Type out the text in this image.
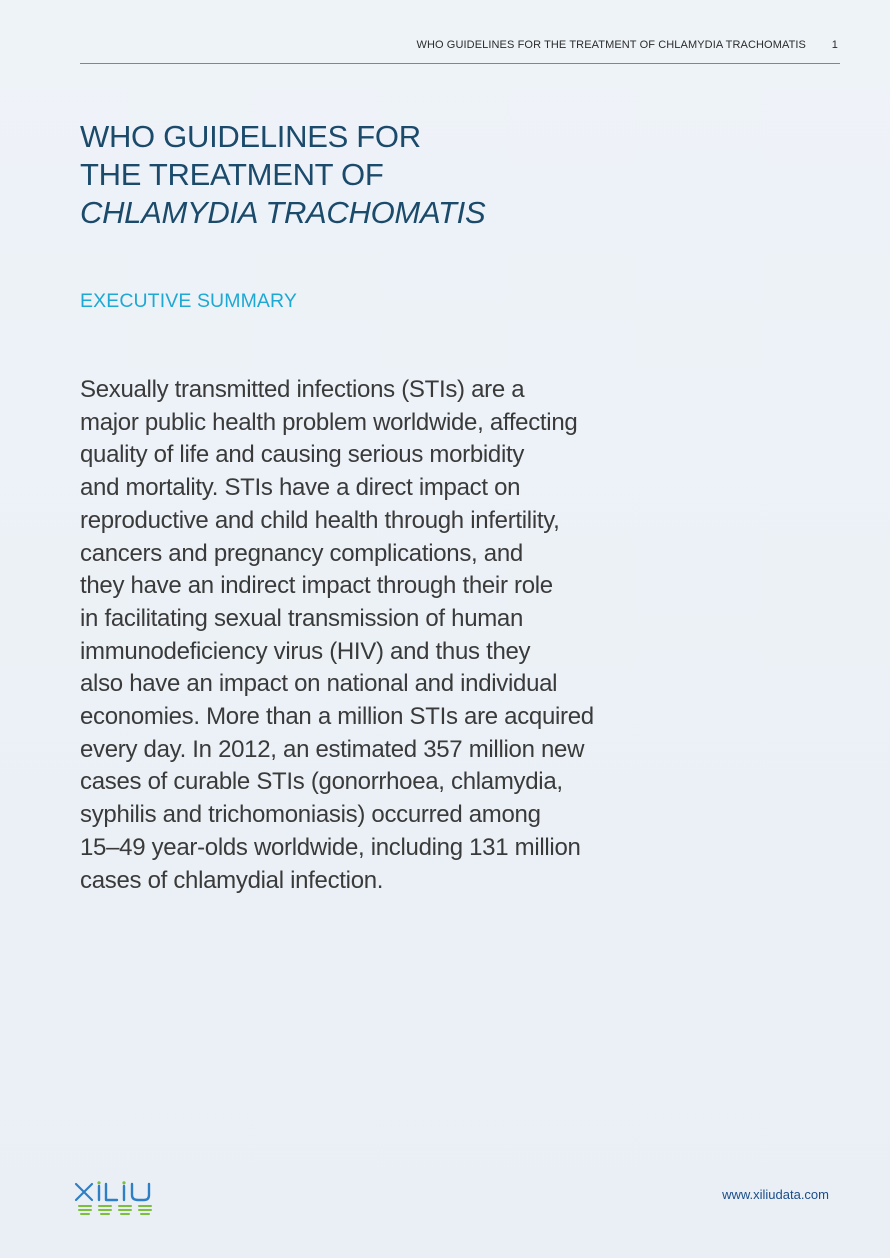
WHO GUIDELINES FOR THE TREATMENT OF CHLAMYDIA TRACHOMATIS 1
WHO GUIDELINES FOR
THE TREATMENT OF
CHLAMYDIA TRACHOMATIS
EXECUTIVE SUMMARY
Sexually transmitted infections (STIs) are a
major public health problem worldwide, affecting
quality of life and causing serious morbidity
and mortality. STIs have a direct impact on
reproductive and child health through infertility,
cancers and pregnancy complications, and
they have an indirect impact through their role
in facilitating sexual transmission of human
immunodeficiency virus (HIV) and thus they
also have an impact on national and individual
economies. More than a million STIs are acquired
every day. In 2012, an estimated 357 million new
cases of curable STIs (gonorrhoea, chlamydia,
syphilis and trichomoniasis) occurred among
15–49 year-olds worldwide, including 131 million
cases of chlamydial infection.
www.xiliudata.com
